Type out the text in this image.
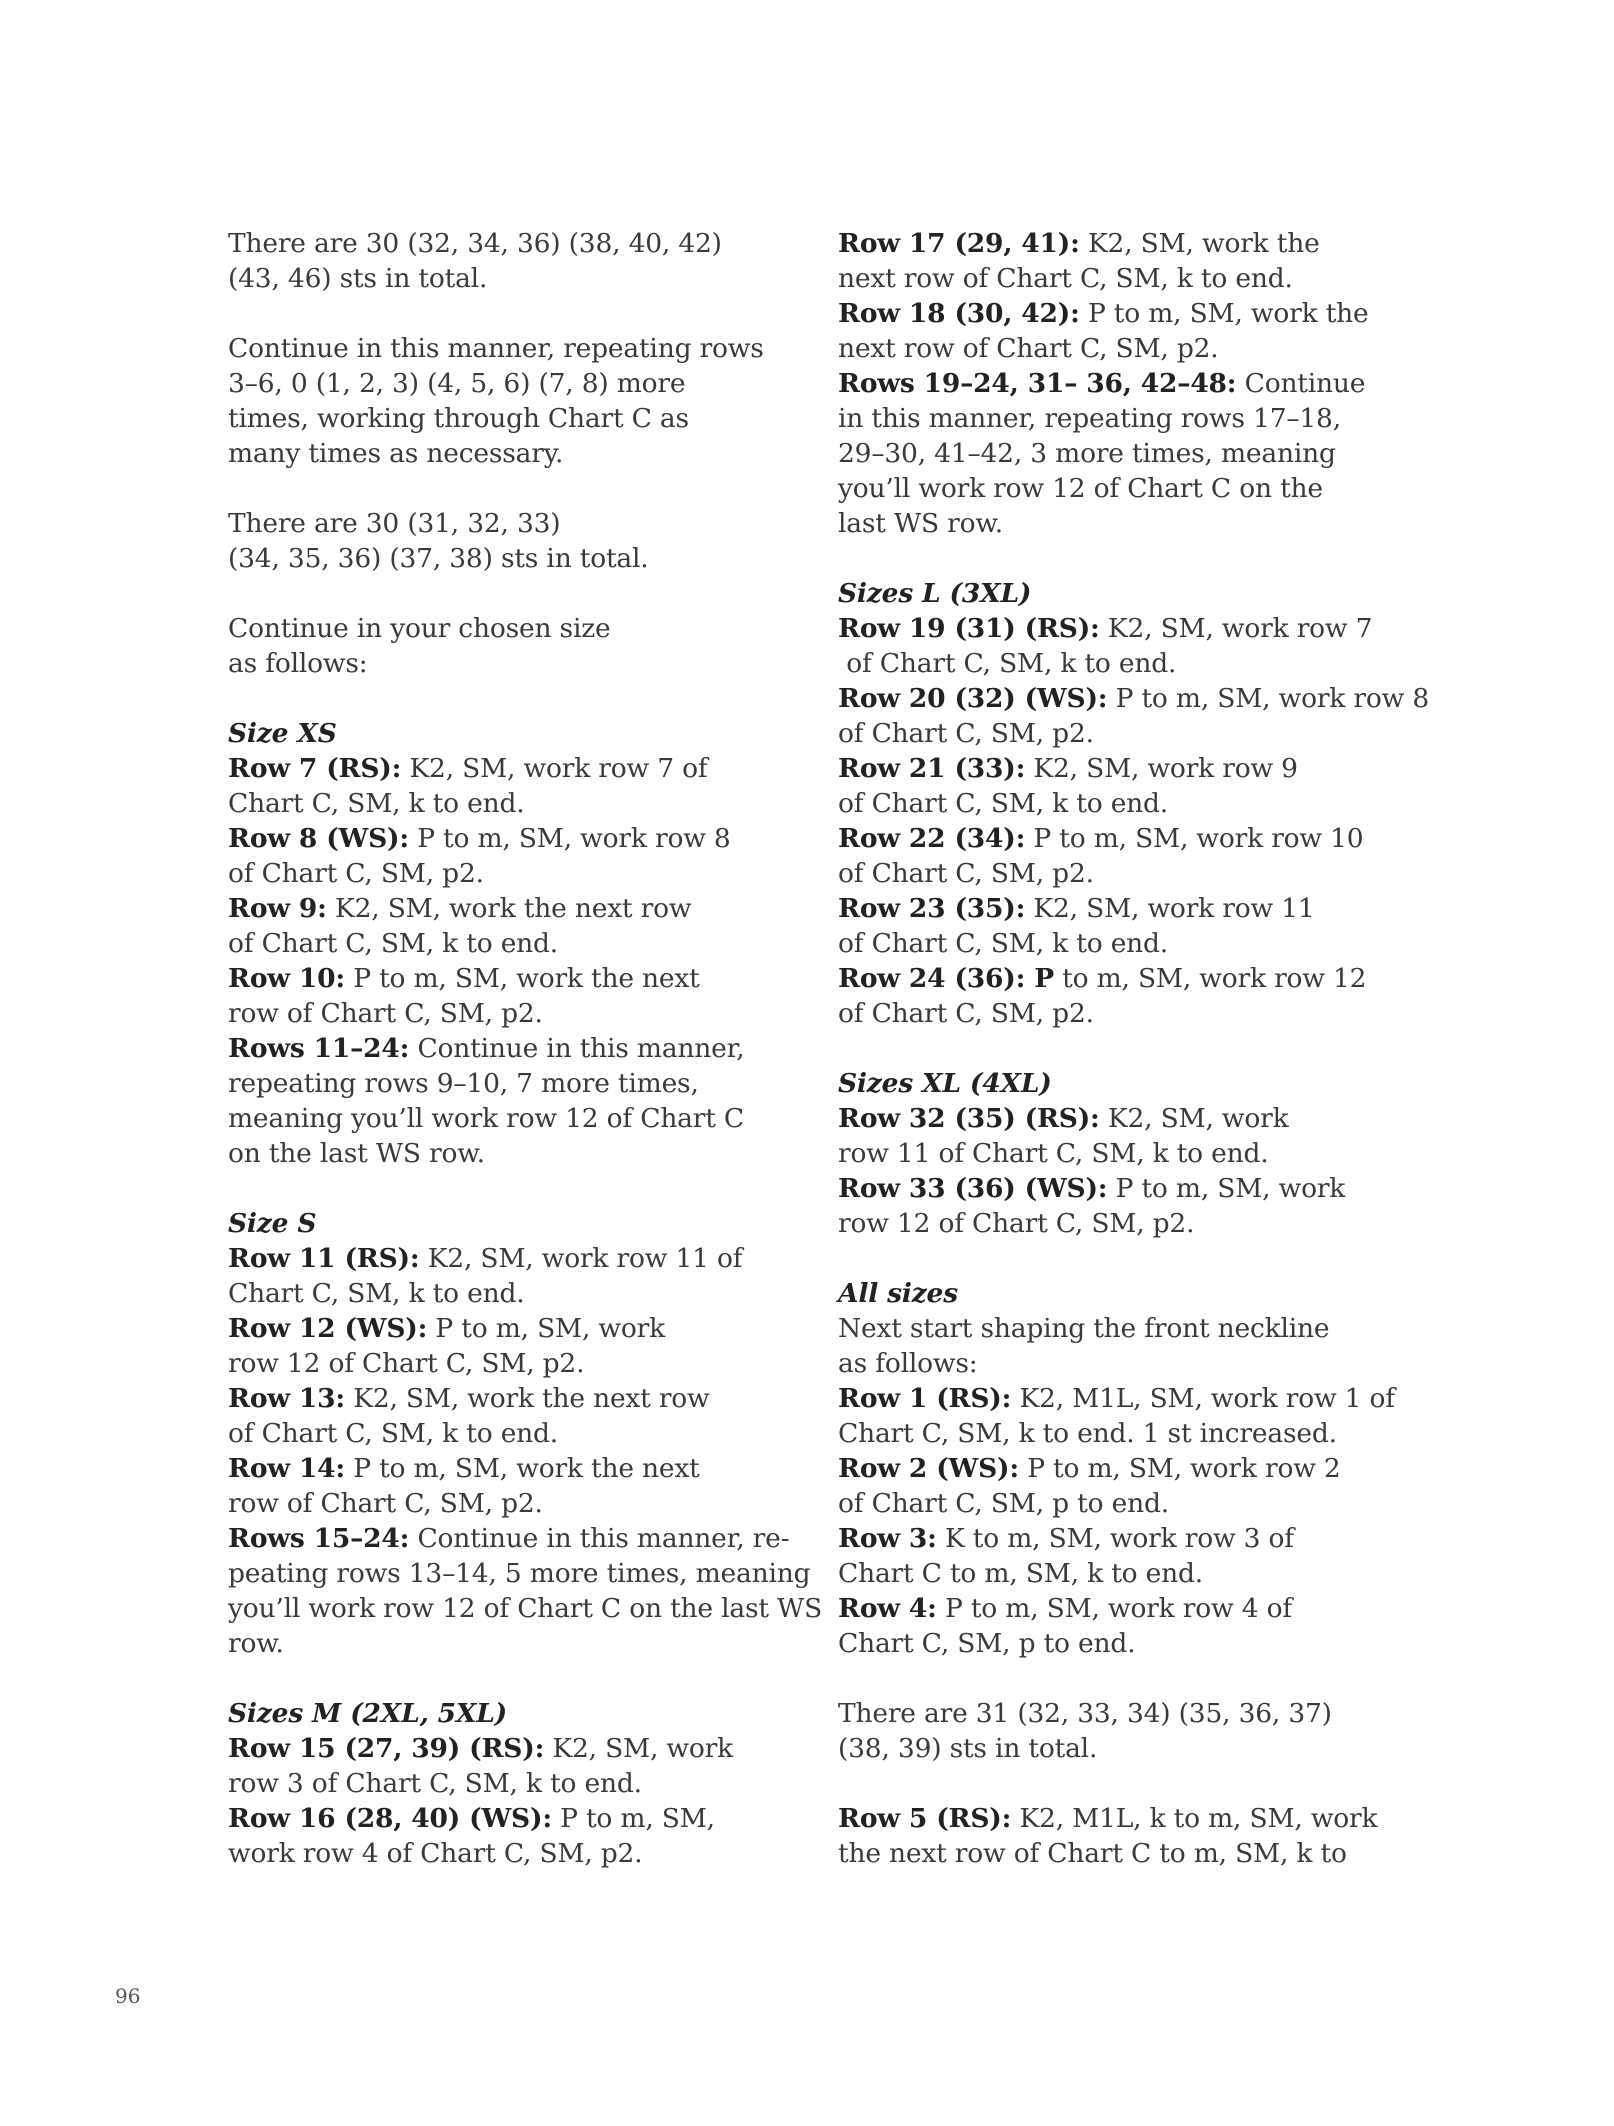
There are 30 (32, 34, 36) (38, 40, 42)
(43, 46) sts in total.
Continue in this manner, repeating rows
3–6, 0 (1, 2, 3) (4, 5, 6) (7, 8) more
times, working through Chart C as
many times as necessary.
There are 30 (31, 32, 33)
(34, 35, 36) (37, 38) sts in total.
Continue in your chosen size
as follows:
Size XS
Row 7 (RS): K2, SM, work row 7 of
Chart C, SM, k to end.
Row 8 (WS): P to m, SM, work row 8
of Chart C, SM, p2.
Row 9: K2, SM, work the next row
of Chart C, SM, k to end.
Row 10: P to m, SM, work the next
row of Chart C, SM, p2.
Rows 11–24: Continue in this manner,
repeating rows 9–10, 7 more times,
meaning you’ll work row 12 of Chart C
on the last WS row.
Size S
Row 11 (RS): K2, SM, work row 11 of
Chart C, SM, k to end.
Row 12 (WS): P to m, SM, work
row 12 of Chart C, SM, p2.
Row 13: K2, SM, work the next row
of Chart C, SM, k to end.
Row 14: P to m, SM, work the next
row of Chart C, SM, p2.
Rows 15–24: Continue in this manner, re-
peating rows 13–14, 5 more times, meaning
you’ll work row 12 of Chart C on the last WS
row.
Sizes M (2XL, 5XL)
Row 15 (27, 39) (RS): K2, SM, work
row 3 of Chart C, SM, k to end.
Row 16 (28, 40) (WS): P to m, SM,
work row 4 of Chart C, SM, p2.
Row 17 (29, 41): K2, SM, work the
next row of Chart C, SM, k to end.
Row 18 (30, 42): P to m, SM, work the
next row of Chart C, SM, p2.
Rows 19–24, 31– 36, 42–48: Continue
in this manner, repeating rows 17–18,
29–30, 41–42, 3 more times, meaning
you’ll work row 12 of Chart C on the
last WS row.
Sizes L (3XL)
Row 19 (31) (RS): K2, SM, work row 7
of Chart C, SM, k to end.
Row 20 (32) (WS): P to m, SM, work row 8
of Chart C, SM, p2.
Row 21 (33): K2, SM, work row 9
of Chart C, SM, k to end.
Row 22 (34): P to m, SM, work row 10
of Chart C, SM, p2.
Row 23 (35): K2, SM, work row 11
of Chart C, SM, k to end.
Row 24 (36): P to m, SM, work row 12
of Chart C, SM, p2.
Sizes XL (4XL)
Row 32 (35) (RS): K2, SM, work
row 11 of Chart C, SM, k to end.
Row 33 (36) (WS): P to m, SM, work
row 12 of Chart C, SM, p2.
All sizes
Next start shaping the front neckline
as follows:
Row 1 (RS): K2, M1L, SM, work row 1 of
Chart C, SM, k to end. 1 st increased.
Row 2 (WS): P to m, SM, work row 2
of Chart C, SM, p to end.
Row 3: K to m, SM, work row 3 of
Chart C to m, SM, k to end.
Row 4: P to m, SM, work row 4 of
Chart C, SM, p to end.
There are 31 (32, 33, 34) (35, 36, 37)
(38, 39) sts in total.
Row 5 (RS): K2, M1L, k to m, SM, work
the next row of Chart C to m, SM, k to
96
